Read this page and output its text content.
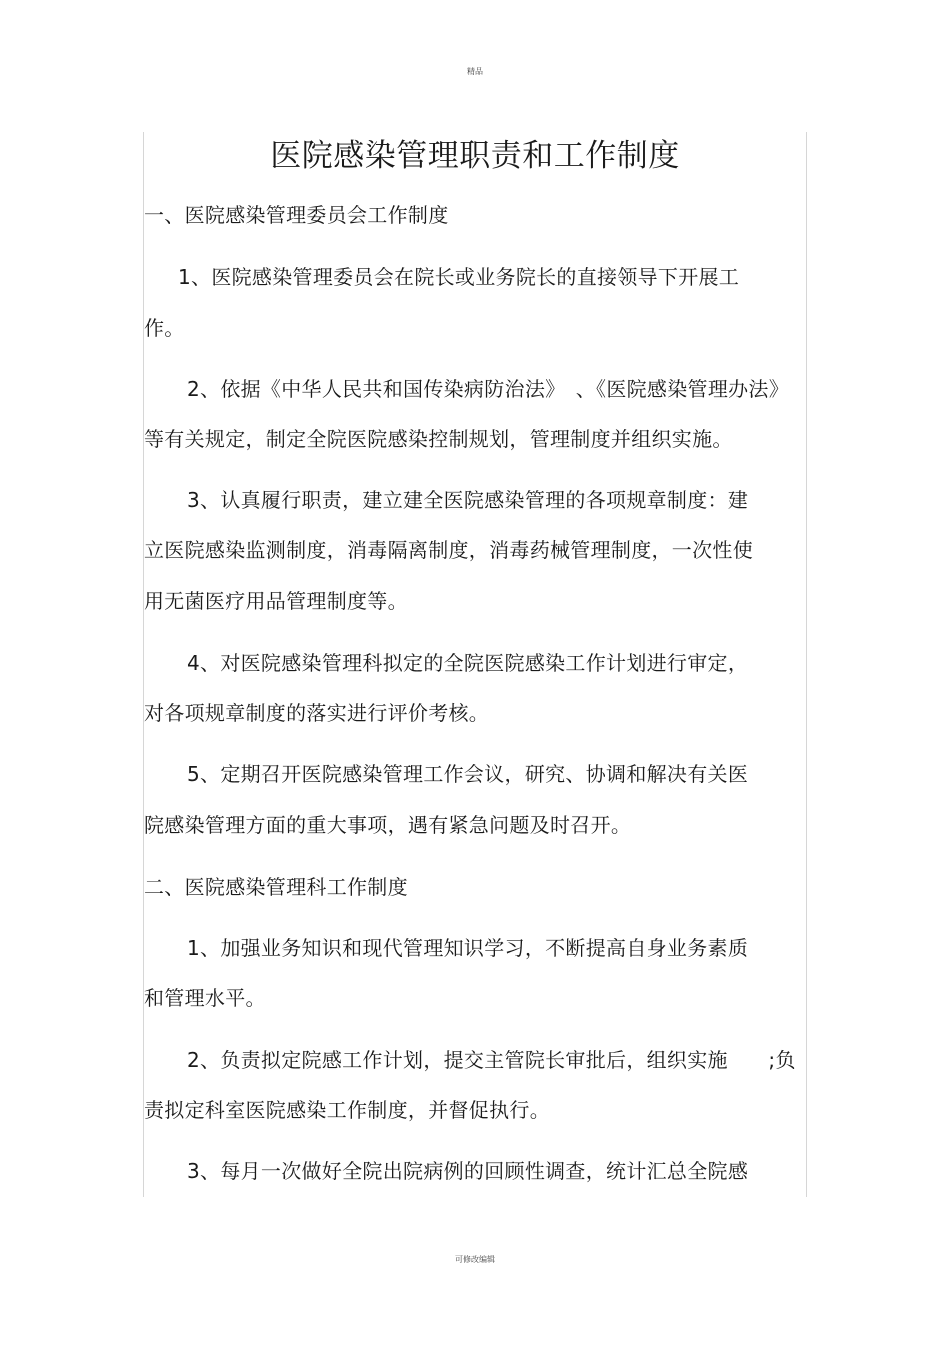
精品
医院感染管理职责和工作制度
一、医院感染管理委员会工作制度
1、医院感染管理委员会在院长或业务院长的直接领导下开展工
作。
2、依据《中华人民共和国传染病防治法》　、《医院感染管理办法》
等有关规定，制定全院医院感染控制规划，管理制度并组织实施。
3、认真履行职责，建立建全医院感染管理的各项规章制度：建
立医院感染监测制度，消毒隔离制度，消毒药械管理制度，一次性使
用无菌医疗用品管理制度等。
4、对医院感染管理科拟定的全院医院感染工作计划进行审定，
对各项规章制度的落实进行评价考核。
5、定期召开医院感染管理工作会议，研究、协调和解决有关医
院感染管理方面的重大事项，遇有紧急问题及时召开。
二、医院感染管理科工作制度
1、加强业务知识和现代管理知识学习，不断提高自身业务素质
和管理水平。
2、负责拟定院感工作计划，提交主管院长审批后，组织实施　　;负
责拟定科室医院感染工作制度，并督促执行。
3、每月一次做好全院出院病例的回顾性调查，统计汇总全院感
可修改编辑
